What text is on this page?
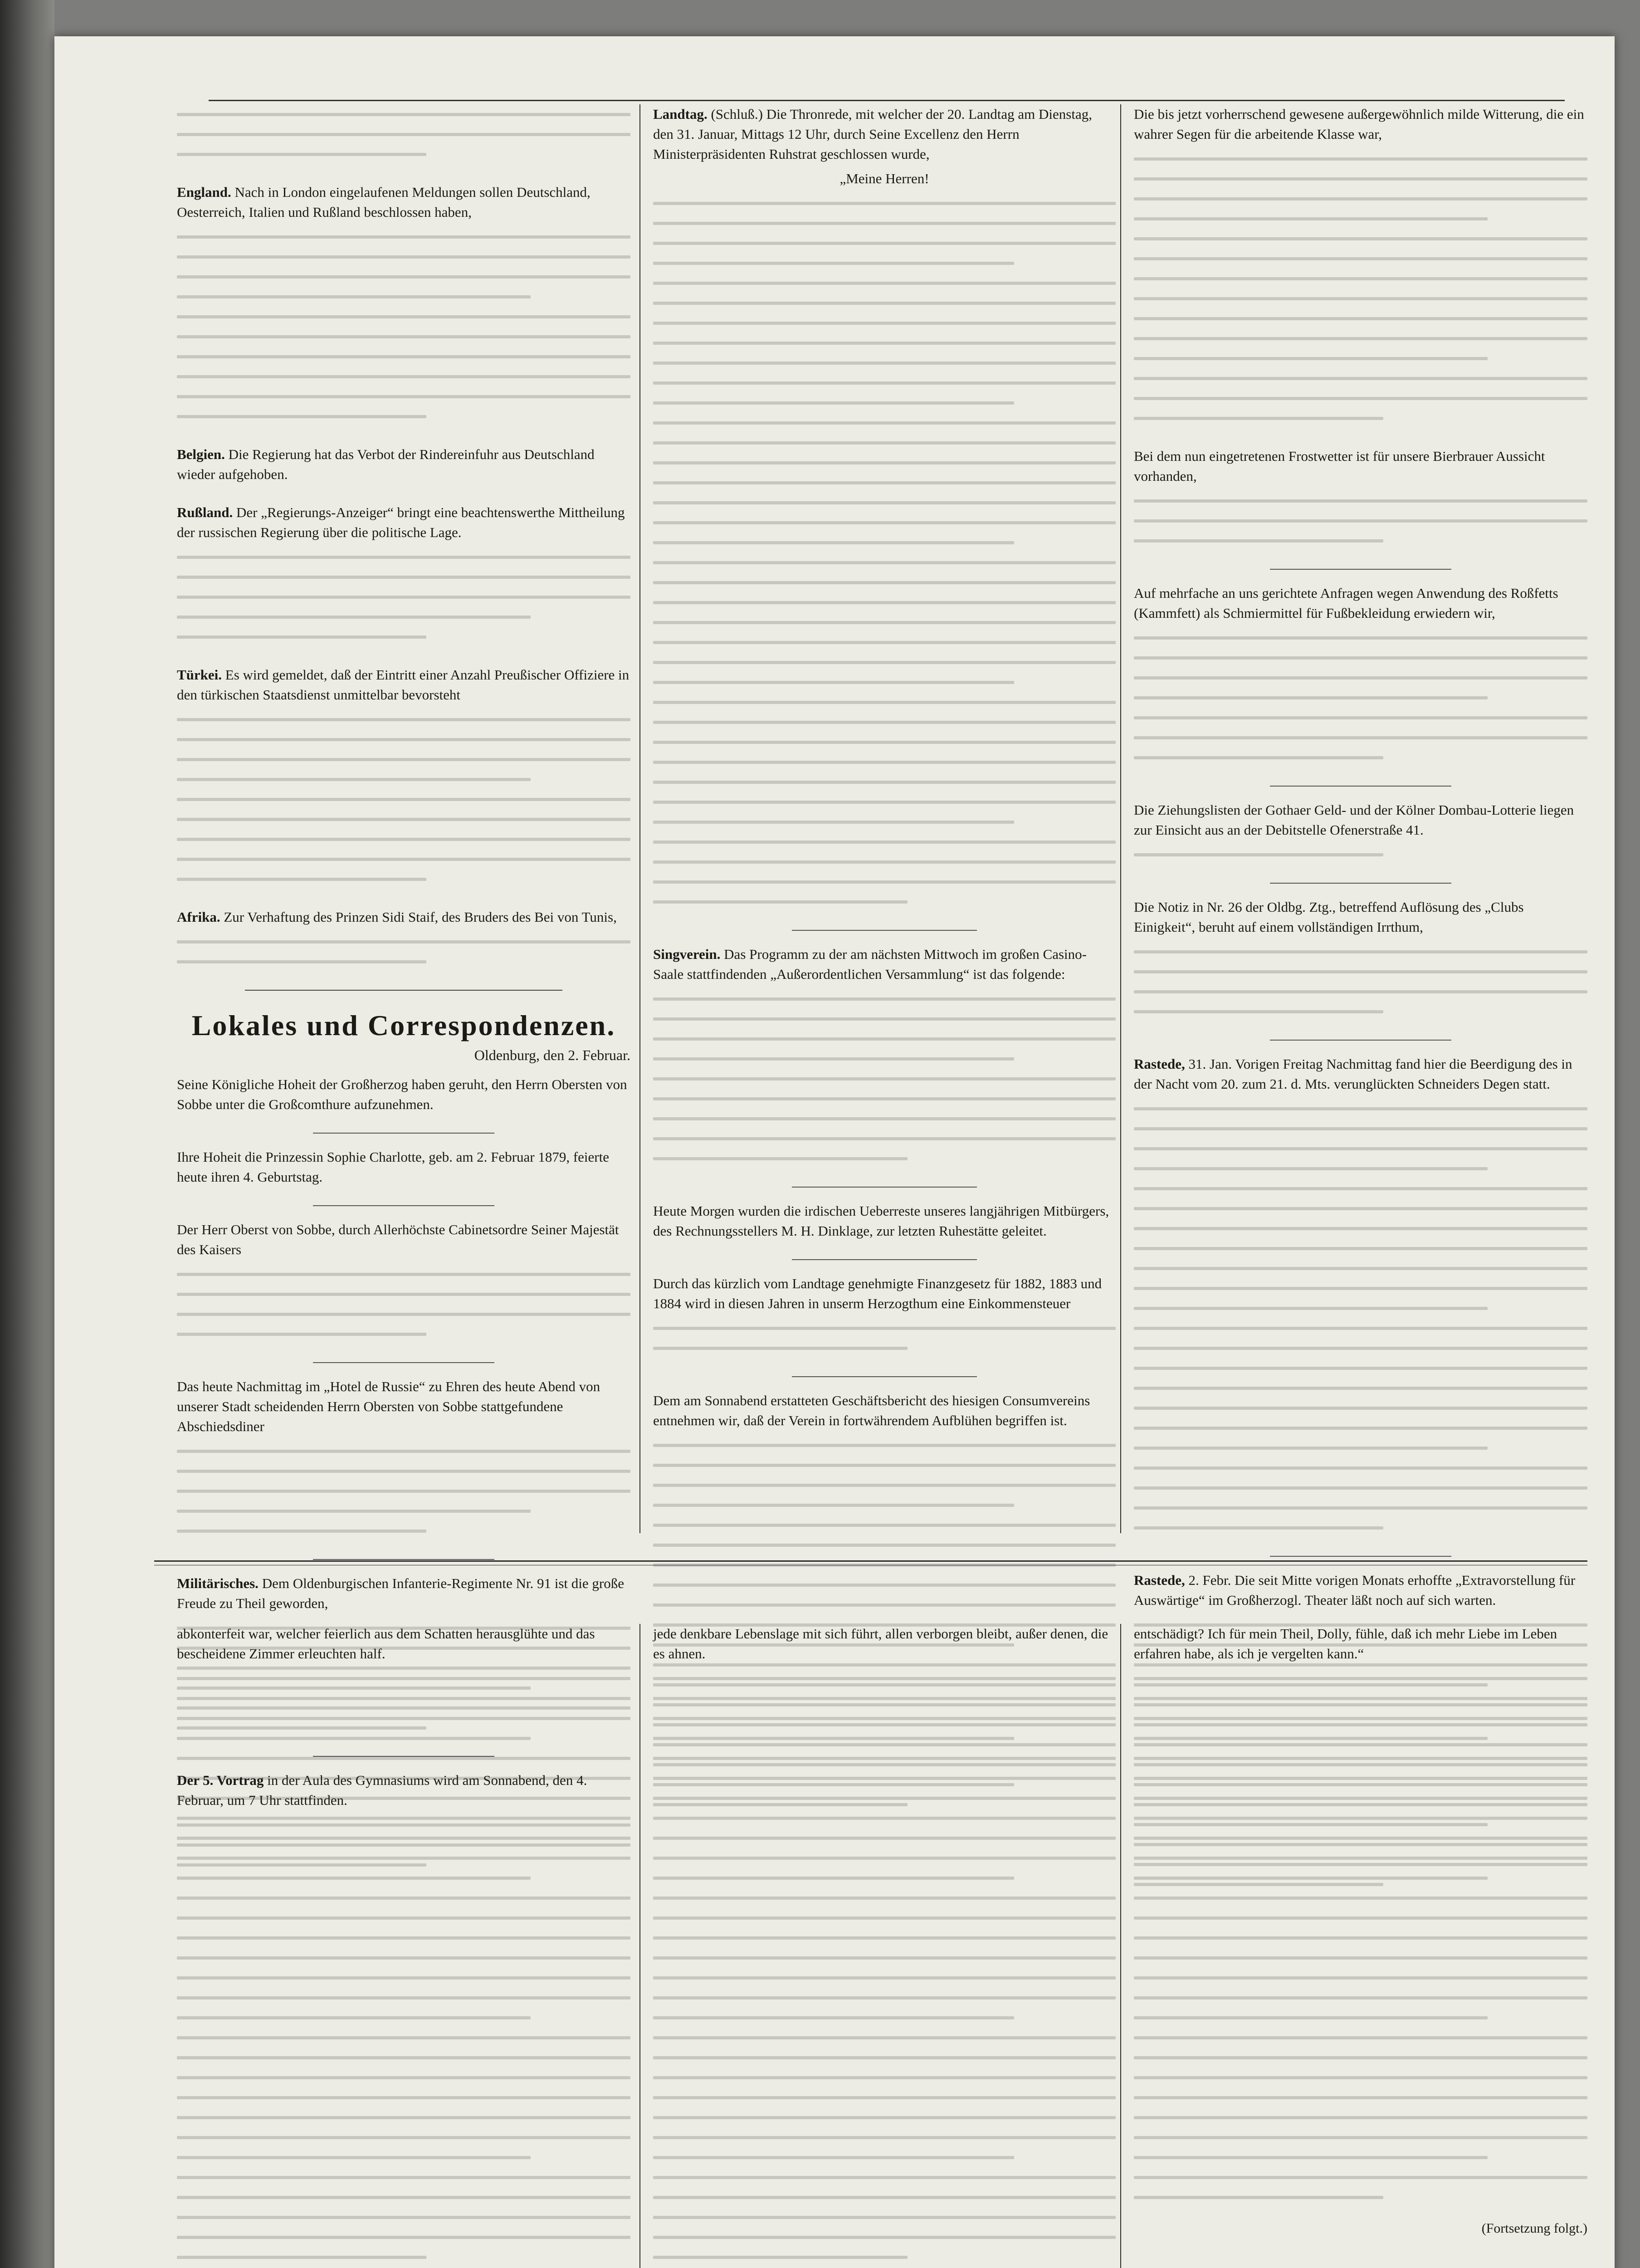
England. Nach in London eingelaufenen Meldungen sollen Deutschland, Oesterreich, Italien und Rußland beschlossen haben,
Belgien. Die Regierung hat das Verbot der Rindereinfuhr aus Deutschland wieder aufgehoben.
Rußland. Der „Regierungs-Anzeiger“ bringt eine beachtenswerthe Mittheilung der russischen Regierung über die politische Lage.
Türkei. Es wird gemeldet, daß der Eintritt einer Anzahl Preußischer Offiziere in den türkischen Staatsdienst unmittelbar bevorsteht
Afrika. Zur Verhaftung des Prinzen Sidi Staif, des Bruders des Bei von Tunis,
Lokales und Correspondenzen.
Oldenburg, den 2. Februar.
Seine Königliche Hoheit der Großherzog haben geruht, den Herrn Obersten von Sobbe unter die Großcomthure aufzunehmen.
Ihre Hoheit die Prinzessin Sophie Charlotte, geb. am 2. Februar 1879, feierte heute ihren 4. Geburtstag.
Der Herr Oberst von Sobbe, durch Allerhöchste Cabinetsordre Seiner Majestät des Kaisers
Das heute Nachmittag im „Hotel de Russie“ zu Ehren des heute Abend von unserer Stadt scheidenden Herrn Obersten von Sobbe stattgefundene Abschiedsdiner
Militärisches. Dem Oldenburgischen Infanterie-Regimente Nr. 91 ist die große Freude zu Theil geworden,
Der 5. Vortrag in der Aula des Gymnasiums wird am Sonnabend, den 4. Februar, um 7 Uhr stattfinden.
Landtag. (Schluß.) Die Thronrede, mit welcher der 20. Landtag am Dienstag, den 31. Januar, Mittags 12 Uhr, durch Seine Excellenz den Herrn Ministerpräsidenten Ruhstrat geschlossen wurde,
„Meine Herren!
Singverein. Das Programm zu der am nächsten Mittwoch im großen Casino-Saale stattfindenden „Außerordentlichen Versammlung“ ist das folgende:
Heute Morgen wurden die irdischen Ueberreste unseres langjährigen Mitbürgers, des Rechnungsstellers M. H. Dinklage, zur letzten Ruhestätte geleitet.
Durch das kürzlich vom Landtage genehmigte Finanzgesetz für 1882, 1883 und 1884 wird in diesen Jahren in unserm Herzogthum eine Einkommensteuer
Dem am Sonnabend erstatteten Geschäftsbericht des hiesigen Consumvereins entnehmen wir, daß der Verein in fortwährendem Aufblühen begriffen ist.
Die bis jetzt vorherrschend gewesene außergewöhnlich milde Witterung, die ein wahrer Segen für die arbeitende Klasse war,
Bei dem nun eingetretenen Frostwetter ist für unsere Bierbrauer Aussicht vorhanden,
Auf mehrfache an uns gerichtete Anfragen wegen Anwendung des Roßfetts (Kammfett) als Schmiermittel für Fußbekleidung erwiedern wir,
Die Ziehungslisten der Gothaer Geld- und der Kölner Dombau-Lotterie liegen zur Einsicht aus an der Debitstelle Ofenerstraße 41.
Die Notiz in Nr. 26 der Oldbg. Ztg., betreffend Auflösung des „Clubs Einigkeit“, beruht auf einem vollständigen Irrthum,
Rastede, 31. Jan. Vorigen Freitag Nachmittag fand hier die Beerdigung des in der Nacht vom 20. zum 21. d. Mts. verunglückten Schneiders Degen statt.
Rastede, 2. Febr. Die seit Mitte vorigen Monats erhoffte „Extravorstellung für Auswärtige“ im Großherzogl. Theater läßt noch auf sich warten.
abkonterfeit war, welcher feierlich aus dem Schatten herausglühte und das bescheidene Zimmer erleuchten half.
jede denkbare Lebenslage mit sich führt, allen verborgen bleibt, außer denen, die es ahnen.
entschädigt? Ich für mein Theil, Dolly, fühle, daß ich mehr Liebe im Leben erfahren habe, als ich je vergelten kann.“
(Fortsetzung folgt.)
